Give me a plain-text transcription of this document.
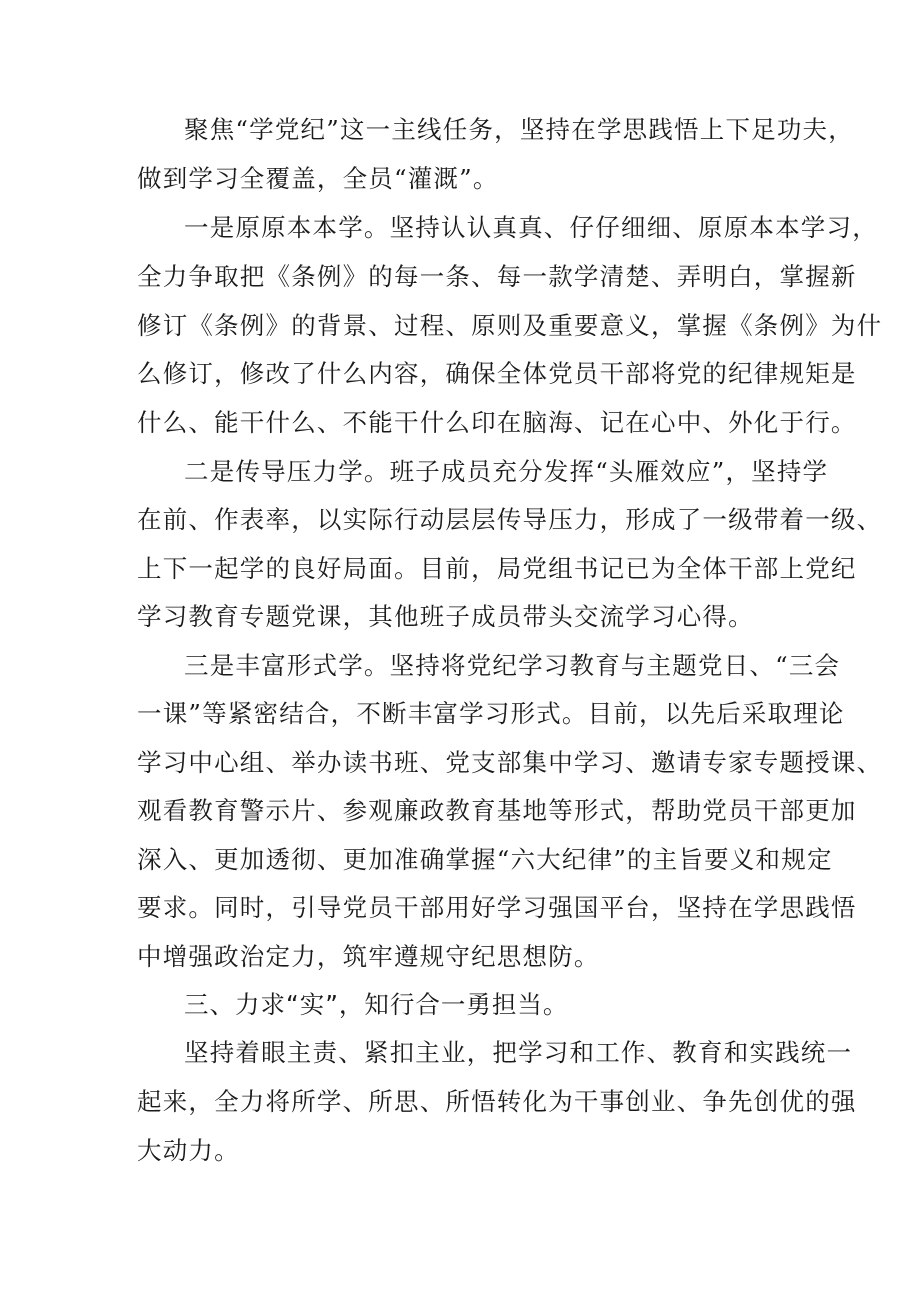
聚焦“学党纪”这一主线任务，坚持在学思践悟上下足功夫，
做到学习全覆盖，全员“灌溉”。
一是原原本本学。坚持认认真真、仔仔细细、原原本本学习，
全力争取把《条例》的每一条、每一款学清楚、弄明白，掌握新
修订《条例》的背景、过程、原则及重要意义，掌握《条例》为什
么修订，修改了什么内容，确保全体党员干部将党的纪律规矩是
什么、能干什么、不能干什么印在脑海、记在心中、外化于行。
二是传导压力学。班子成员充分发挥“头雁效应”，坚持学
在前、作表率，以实际行动层层传导压力，形成了一级带着一级、
上下一起学的良好局面。目前，局党组书记已为全体干部上党纪
学习教育专题党课，其他班子成员带头交流学习心得。
三是丰富形式学。坚持将党纪学习教育与主题党日、“三会
一课”等紧密结合，不断丰富学习形式。目前，以先后采取理论
学习中心组、举办读书班、党支部集中学习、邀请专家专题授课、
观看教育警示片、参观廉政教育基地等形式，帮助党员干部更加
深入、更加透彻、更加准确掌握“六大纪律”的主旨要义和规定
要求。同时，引导党员干部用好学习强国平台，坚持在学思践悟
中增强政治定力，筑牢遵规守纪思想防。
三、力求“实”，知行合一勇担当。
坚持着眼主责、紧扣主业，把学习和工作、教育和实践统一
起来，全力将所学、所思、所悟转化为干事创业、争先创优的强
大动力。
